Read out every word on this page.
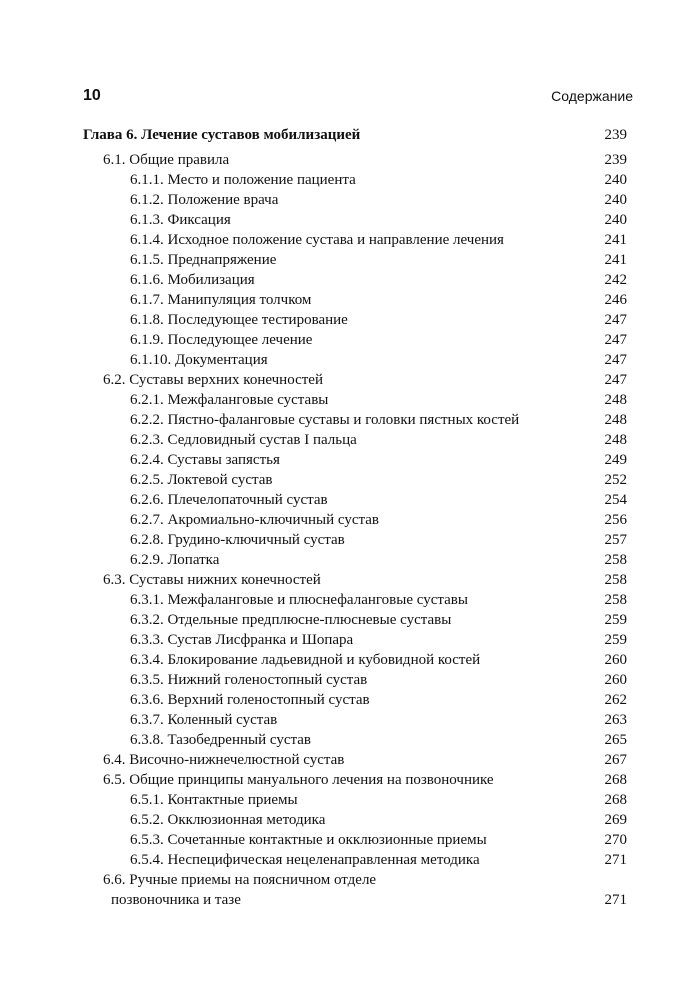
10	Содержание
Глава 6. Лечение суставов мобилизацией	239
6.1. Общие правила	239
6.1.1. Место и положение пациента	240
6.1.2. Положение врача	240
6.1.3. Фиксация	240
6.1.4. Исходное положение сустава и направление лечения	241
6.1.5. Преднапряжение	241
6.1.6. Мобилизация	242
6.1.7. Манипуляция толчком	246
6.1.8. Последующее тестирование	247
6.1.9. Последующее лечение	247
6.1.10. Документация	247
6.2. Суставы верхних конечностей	247
6.2.1. Межфаланговые суставы	248
6.2.2. Пястно-фаланговые суставы и головки пястных костей	248
6.2.3. Седловидный сустав I пальца	248
6.2.4. Суставы запястья	249
6.2.5. Локтевой сустав	252
6.2.6. Плечелопаточный сустав	254
6.2.7. Акромиально-ключичный сустав	256
6.2.8. Грудино-ключичный сустав	257
6.2.9. Лопатка	258
6.3. Суставы нижних конечностей	258
6.3.1. Межфаланговые и плюснефаланговые суставы	258
6.3.2. Отдельные предплюсне-плюсневые суставы	259
6.3.3. Сустав Лисфранка и Шопара	259
6.3.4. Блокирование ладьевидной и кубовидной костей	260
6.3.5. Нижний голеностопный сустав	260
6.3.6. Верхний голеностопный сустав	262
6.3.7. Коленный сустав	263
6.3.8. Тазобедренный сустав	265
6.4. Височно-нижнечелюстной сустав	267
6.5. Общие принципы мануального лечения на позвоночнике	268
6.5.1. Контактные приемы	268
6.5.2. Окклюзионная методика	269
6.5.3. Сочетанные контактные и окклюзионные приемы	270
6.5.4. Неспецифическая нецеленаправленная методика	271
6.6. Ручные приемы на поясничном отделе
позвоночника и тазе	271
